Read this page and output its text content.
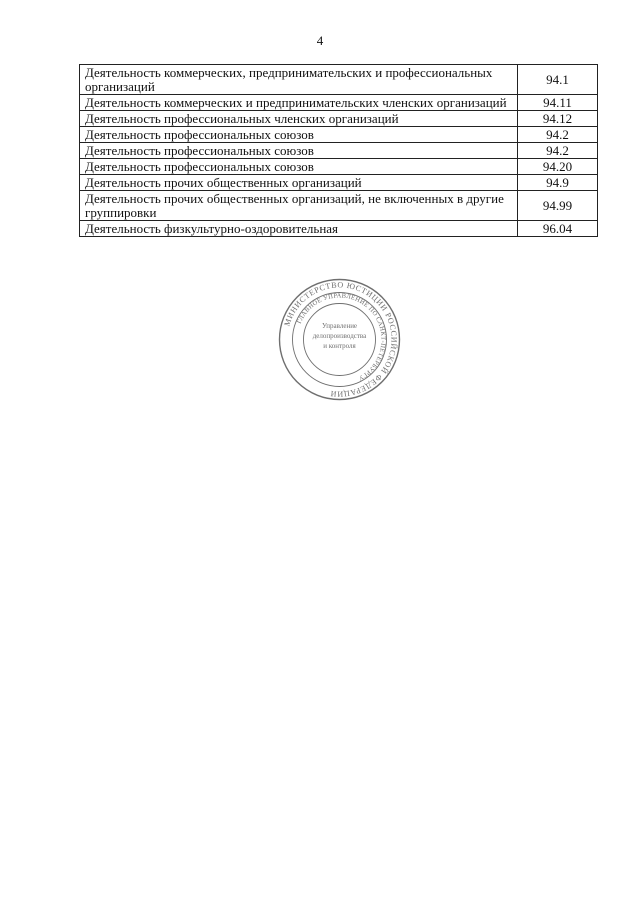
4
Деятельность коммерческих, предпринимательских и профессиональных организаций	94.1
Деятельность коммерческих и предпринимательских членских организаций	94.11
Деятельность профессиональных членских организаций	94.12
Деятельность профессиональных союзов	94.2
Деятельность профессиональных союзов	94.2
Деятельность профессиональных союзов	94.20
Деятельность прочих общественных организаций	94.9
Деятельность прочих общественных организаций, не включенных в другие группировки	94.99
Деятельность физкультурно-оздоровительная	96.04
МИНИСТЕРСТВО ЮСТИЦИИ РОССИЙСКОЙ ФЕДЕРАЦИИ
ГЛАВНОЕ УПРАВЛЕНИЕ ПО САНКТ-ПЕТЕРБУРГУ
Управление
делопроизводства
и контроля
